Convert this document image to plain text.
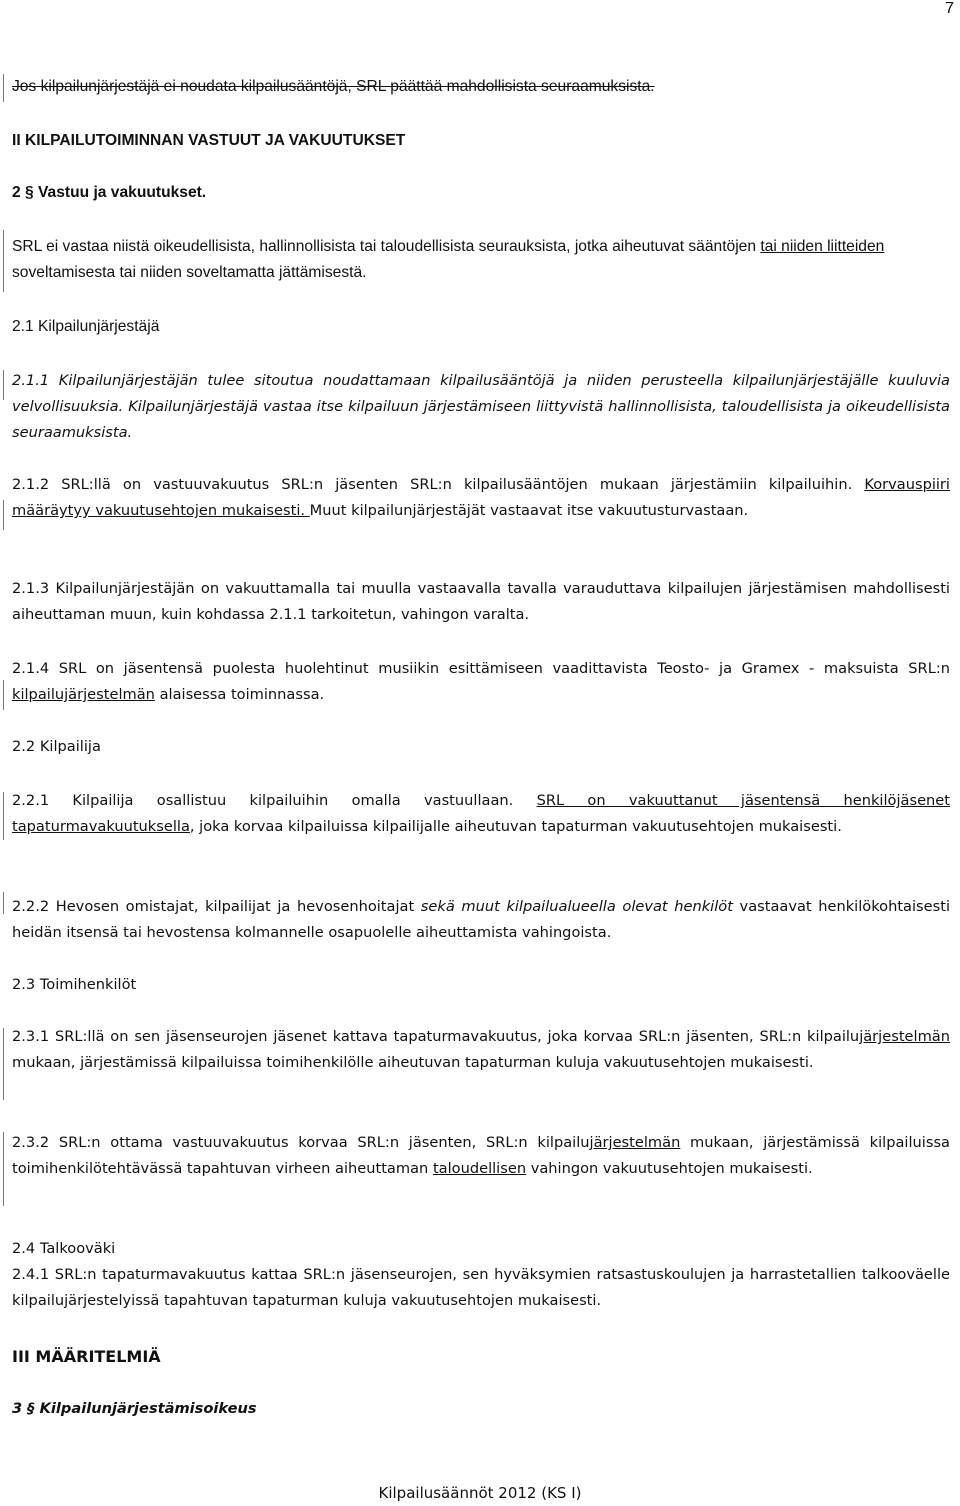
7
Jos kilpailunjärjestäjä ei noudata kilpailusääntöjä, SRL päättää mahdollisista seuraamuksista.
II KILPAILUTOIMINNAN VASTUUT JA VAKUUTUKSET
2 § Vastuu ja vakuutukset.
SRL ei vastaa niistä oikeudellisista, hallinnollisista tai taloudellisista seurauksista, jotka aiheutuvat sääntöjen tai niiden liitteiden soveltamisesta tai niiden soveltamatta jättämisestä.
2.1 Kilpailunjärjestäjä
2.1.1 Kilpailunjärjestäjän tulee sitoutua noudattamaan kilpailusääntöjä ja niiden perusteella kilpailunjärjestäjälle kuuluvia velvollisuuksia. Kilpailunjärjestäjä vastaa itse kilpailuun järjestämiseen liittyvistä hallinnollisista, taloudellisista ja oikeudellisista seuraamuksista.
2.1.2 SRL:llä on vastuuvakuutus SRL:n jäsenten SRL:n kilpailusääntöjen mukaan järjestämiin kilpailuihin. Korvauspiiri määräytyy vakuutusehtojen mukaisesti. Muut kilpailunjärjestäjät vastaavat itse vakuutusturvastaan.
2.1.3 Kilpailunjärjestäjän on vakuuttamalla tai muulla vastaavalla tavalla varauduttava kilpailujen järjestämisen mahdollisesti aiheuttaman muun, kuin kohdassa 2.1.1 tarkoitetun, vahingon varalta.
2.1.4 SRL on jäsentensä puolesta huolehtinut musiikin esittämiseen vaadittavista Teosto- ja Gramex - maksuista SRL:n kilpailujärjestelmän alaisessa toiminnassa.
2.2 Kilpailija
2.2.1 Kilpailija osallistuu kilpailuihin omalla vastuullaan. SRL on vakuuttanut jäsentensä henkilöjäsenet tapaturmavakuutuksella, joka korvaa kilpailuissa kilpailijalle aiheutuvan tapaturman vakuutusehtojen mukaisesti.
2.2.2 Hevosen omistajat, kilpailijat ja hevosenhoitajat sekä muut kilpailualueella olevat henkilöt vastaavat henkilökohtaisesti heidän itsensä tai hevostensa kolmannelle osapuolelle aiheuttamista vahingoista.
2.3 Toimihenkilöt
2.3.1 SRL:llä on sen jäsenseurojen jäsenet kattava tapaturmavakuutus, joka korvaa SRL:n jäsenten, SRL:n kilpailujärjestelmän mukaan, järjestämissä kilpailuissa toimihenkilölle aiheutuvan tapaturman kuluja vakuutusehtojen mukaisesti.
2.3.2 SRL:n ottama vastuuvakuutus korvaa SRL:n jäsenten, SRL:n kilpailujärjestelmän mukaan, järjestämissä kilpailuissa toimihenkilötehtävässä tapahtuvan virheen aiheuttaman taloudellisen vahingon vakuutusehtojen mukaisesti.
2.4 Talkooväki
2.4.1 SRL:n tapaturmavakuutus kattaa SRL:n jäsenseurojen, sen hyväksymien ratsastuskoulujen ja harrastetallien talkooväelle kilpailujärjestelyissä tapahtuvan tapaturman kuluja vakuutusehtojen mukaisesti.
III MÄÄRITELMIÄ
3 § Kilpailunjärjestämisoikeus
Kilpailusäännöt 2012 (KS I)
